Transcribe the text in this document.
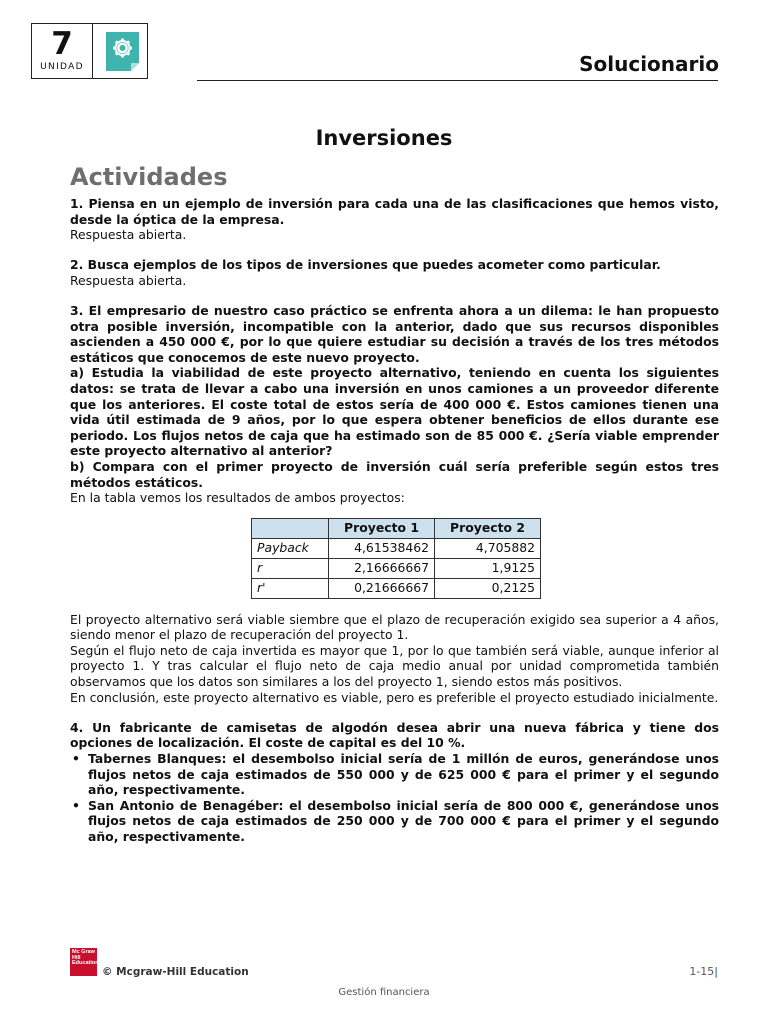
7
UNIDAD	Solucionario
Inversiones
Actividades

1. Piensa en un ejemplo de inversión para cada una de las clasificaciones que hemos visto, desde la óptica de la empresa.

Respuesta abierta.

2. Busca ejemplos de los tipos de inversiones que puedes acometer como particular.

Respuesta abierta.

3. El empresario de nuestro caso práctico se enfrenta ahora a un dilema: le han propuesto otra posible inversión, incompatible con la anterior, dado que sus recursos disponibles ascienden a 450 000 €, por lo que quiere estudiar su decisión a través de los tres métodos estáticos que conocemos de este nuevo proyecto.

a) Estudia la viabilidad de este proyecto alternativo, teniendo en cuenta los siguientes datos: se trata de llevar a cabo una inversión en unos camiones a un proveedor diferente que los anteriores. El coste total de estos sería de 400 000 €. Estos camiones tienen una vida útil estimada de 9 años, por lo que espera obtener beneficios de ellos durante ese periodo. Los flujos netos de caja que ha estimado son de 85 000 €. ¿Sería viable emprender este proyecto alternativo al anterior?

b) Compara con el primer proyecto de inversión cuál sería preferible según estos tres métodos estáticos.

En la tabla vemos los resultados de ambos proyectos:

	Proyecto 1	Proyecto 2
Payback	4,61538462	4,705882
r	2,16666667	1,9125
r'	0,21666667	0,2125

El proyecto alternativo será viable siembre que el plazo de recuperación exigido sea superior a 4 años, siendo menor el plazo de recuperación del proyecto 1.

Según el flujo neto de caja invertida es mayor que 1, por lo que también será viable, aunque inferior al proyecto 1. Y tras calcular el flujo neto de caja medio anual por unidad comprometida también observamos que los datos son similares a los del proyecto 1, siendo estos más positivos.

En conclusión, este proyecto alternativo es viable, pero es preferible el proyecto estudiado inicialmente.

4. Un fabricante de camisetas de algodón desea abrir una nueva fábrica y tiene dos opciones de localización. El coste de capital es del 10 %.

• Tabernes Blanques: el desembolso inicial sería de 1 millón de euros, generándose unos flujos netos de caja estimados de 550 000 y de 625 000 € para el primer y el segundo año, respectivamente.
• San Antonio de Benagéber: el desembolso inicial sería de 800 000 €, generándose unos flujos netos de caja estimados de 250 000 y de 700 000 € para el primer y el segundo año, respectivamente.
Mc Graw Hill Education
© Mcgraw-Hill Education	1-15|
Gestión financiera
